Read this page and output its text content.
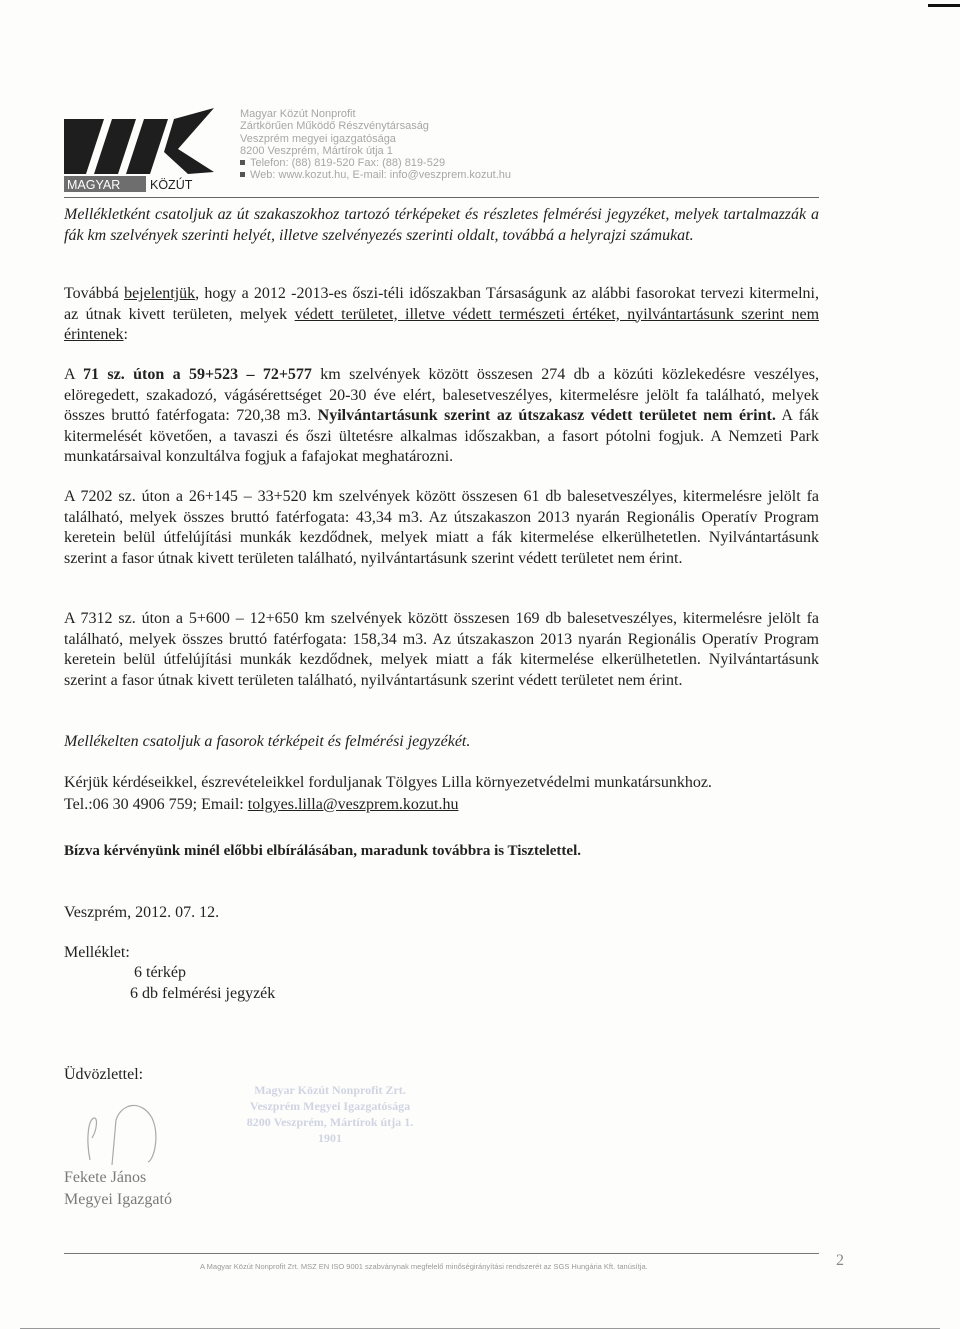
MAGYAR KÖZÚT
Magyar Közút Nonprofit
Zártkörűen Működő Részvénytársaság
Veszprém megyei igazgatósága
8200 Veszprém, Mártírok útja 1
Telefon: (88) 819-520 Fax: (88) 819-529
Web: www.kozut.hu, E-mail: info@veszprem.kozut.hu

Mellékletként csatoljuk az út szakaszokhoz tartozó térképeket és részletes felmérési jegyzéket, melyek tartalmazzák a fák km szelvények szerinti helyét, illetve szelvényezés szerinti oldalt, továbbá a helyrajzi számukat.

Továbbá bejelentjük, hogy a 2012 -2013-es őszi-téli időszakban Társaságunk az alábbi fasorokat tervezi kitermelni, az útnak kivett területen, melyek védett területet, illetve védett természeti értéket, nyilvántartásunk szerint nem érintenek:

A 71 sz. úton a 59+523 – 72+577 km szelvények között összesen 274 db a közúti közlekedésre veszélyes, elöregedett, szakadozó, vágásérettséget 20-30 éve elért, balesetveszélyes, kitermelésre jelölt fa található, melyek összes bruttó fatérfogata: 720,38 m3. Nyilvántartásunk szerint az útszakasz védett területet nem érint. A fák kitermelését követően, a tavaszi és őszi ültetésre alkalmas időszakban, a fasort pótolni fogjuk. A Nemzeti Park munkatársaival konzultálva fogjuk a fafajokat meghatározni.

A 7202 sz. úton a 26+145 – 33+520 km szelvények között összesen 61 db balesetveszélyes, kitermelésre jelölt fa található, melyek összes bruttó fatérfogata: 43,34 m3. Az útszakaszon 2013 nyarán Regionális Operatív Program keretein belül útfelújítási munkák kezdődnek, melyek miatt a fák kitermelése elkerülhetetlen. Nyilvántartásunk szerint a fasor útnak kivett területen található, nyilvántartásunk szerint védett területet nem érint.

A 7312 sz. úton a 5+600 – 12+650 km szelvények között összesen 169 db balesetveszélyes, kitermelésre jelölt fa található, melyek összes bruttó fatérfogata: 158,34 m3. Az útszakaszon 2013 nyarán Regionális Operatív Program keretein belül útfelújítási munkák kezdődnek, melyek miatt a fák kitermelése elkerülhetetlen. Nyilvántartásunk szerint a fasor útnak kivett területen található, nyilvántartásunk szerint védett területet nem érint.

Mellékelten csatoljuk a fasorok térképeit és felmérési jegyzékét.
Kérjük kérdéseikkel, észrevételeikkel forduljanak Tölgyes Lilla környezetvédelmi munkatársunkhoz.
Tel.:06 30 4906 759; Email: tolgyes.lilla@veszprem.kozut.hu
Bízva kérvényünk minél előbbi elbírálásában, maradunk továbbra is Tisztelettel.
Veszprém, 2012. 07. 12.
Melléklet:
6 térkép
6 db felmérési jegyzék
Üdvözlettel:
Magyar Közút Nonprofit Zrt.
Veszprém Megyei Igazgatósága
8200 Veszprém, Mártírok útja 1.
1901
Fekete János
Megyei Igazgató
A Magyar Közút Nonprofit Zrt. MSZ EN ISO 9001 szabványnak megfelelő minőségirányítási rendszerét az SGS Hungária Kft. tanúsítja.	2
